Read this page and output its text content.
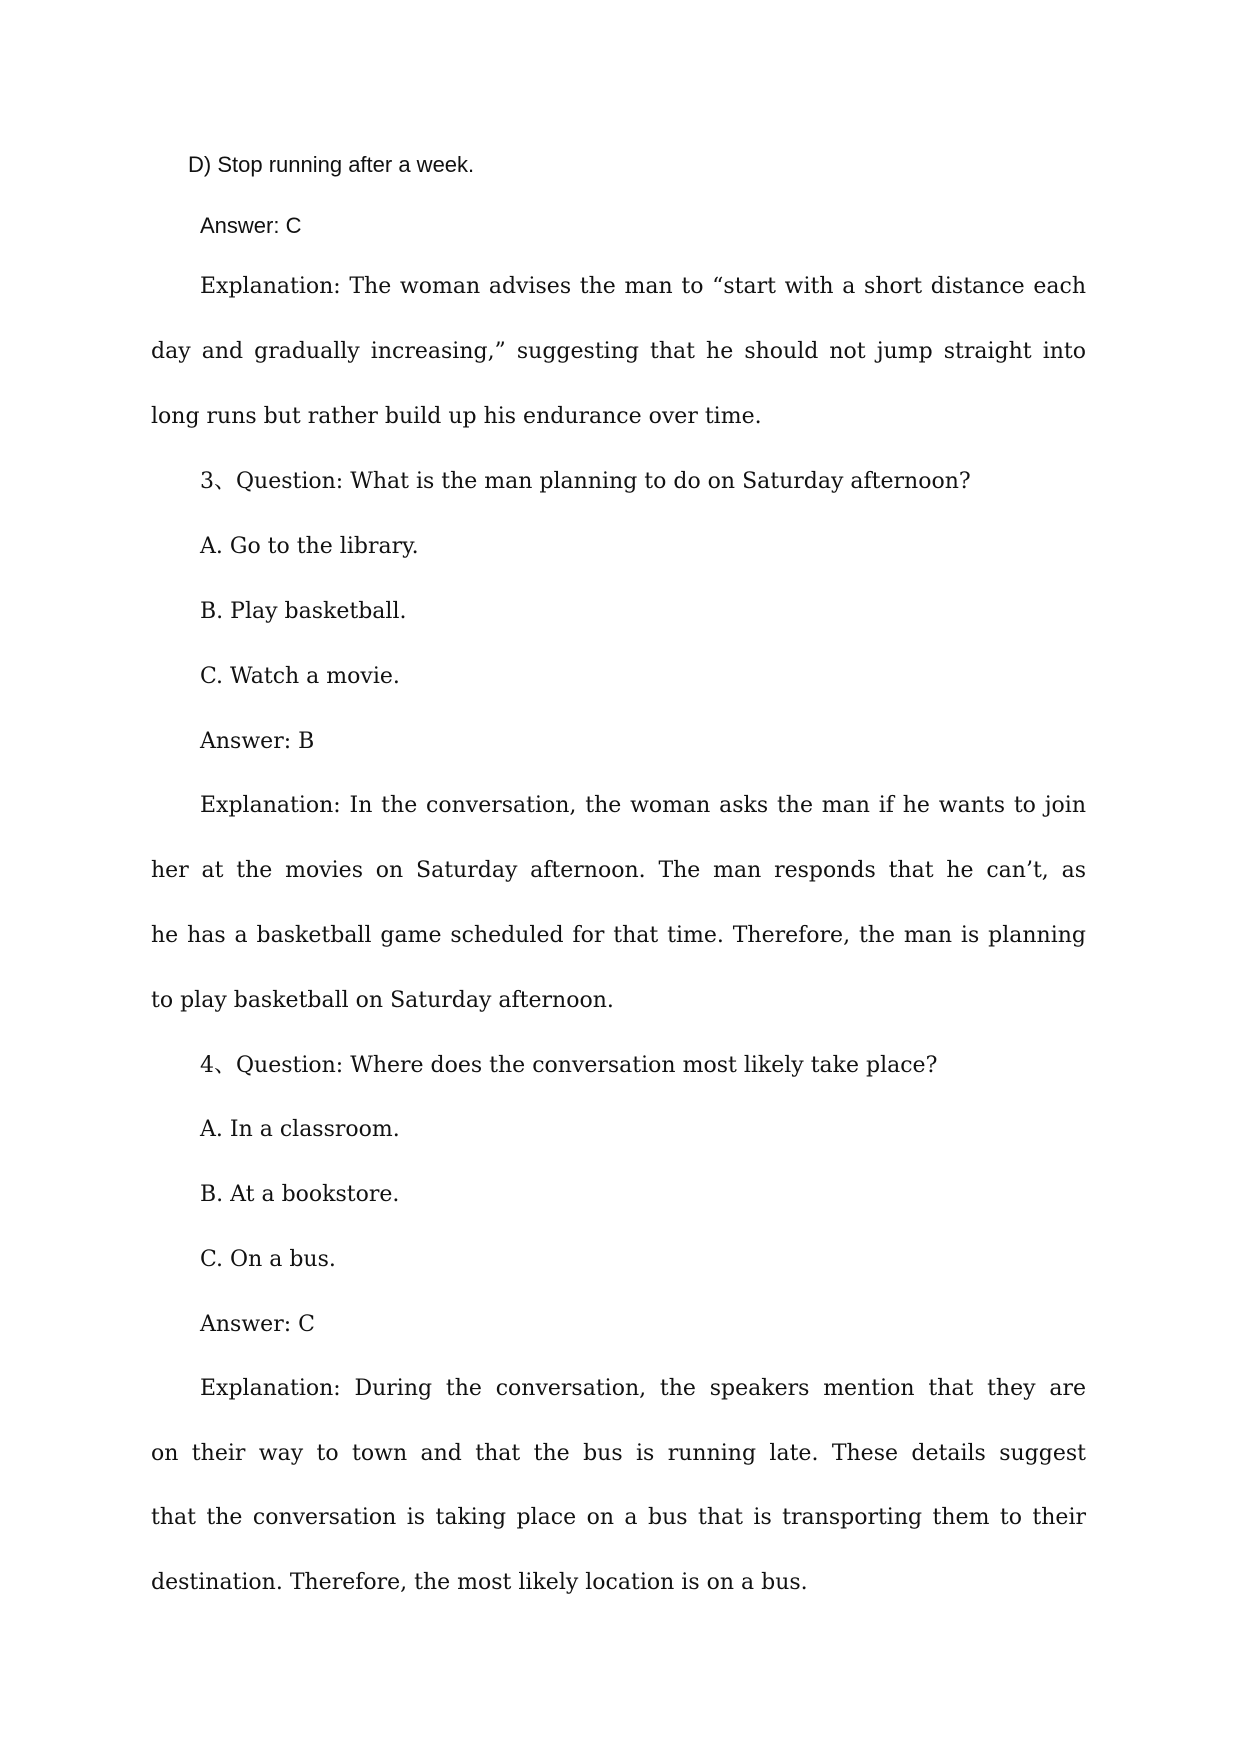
D) Stop running after a week.
Answer: C
Explanation: The woman advises the man to “start with a short distance each
day and gradually increasing,” suggesting that he should not jump straight into
long runs but rather build up his endurance over time.
3、Question: What is the man planning to do on Saturday afternoon?
A. Go to the library.
B. Play basketball.
C. Watch a movie.
Answer: B
Explanation: In the conversation, the woman asks the man if he wants to join
her at the movies on Saturday afternoon. The man responds that he can’t, as
he has a basketball game scheduled for that time. Therefore, the man is planning
to play basketball on Saturday afternoon.
4、Question: Where does the conversation most likely take place?
A. In a classroom.
B. At a bookstore.
C. On a bus.
Answer: C
Explanation: During the conversation, the speakers mention that they are
on their way to town and that the bus is running late. These details suggest
that the conversation is taking place on a bus that is transporting them to their
destination. Therefore, the most likely location is on a bus.
